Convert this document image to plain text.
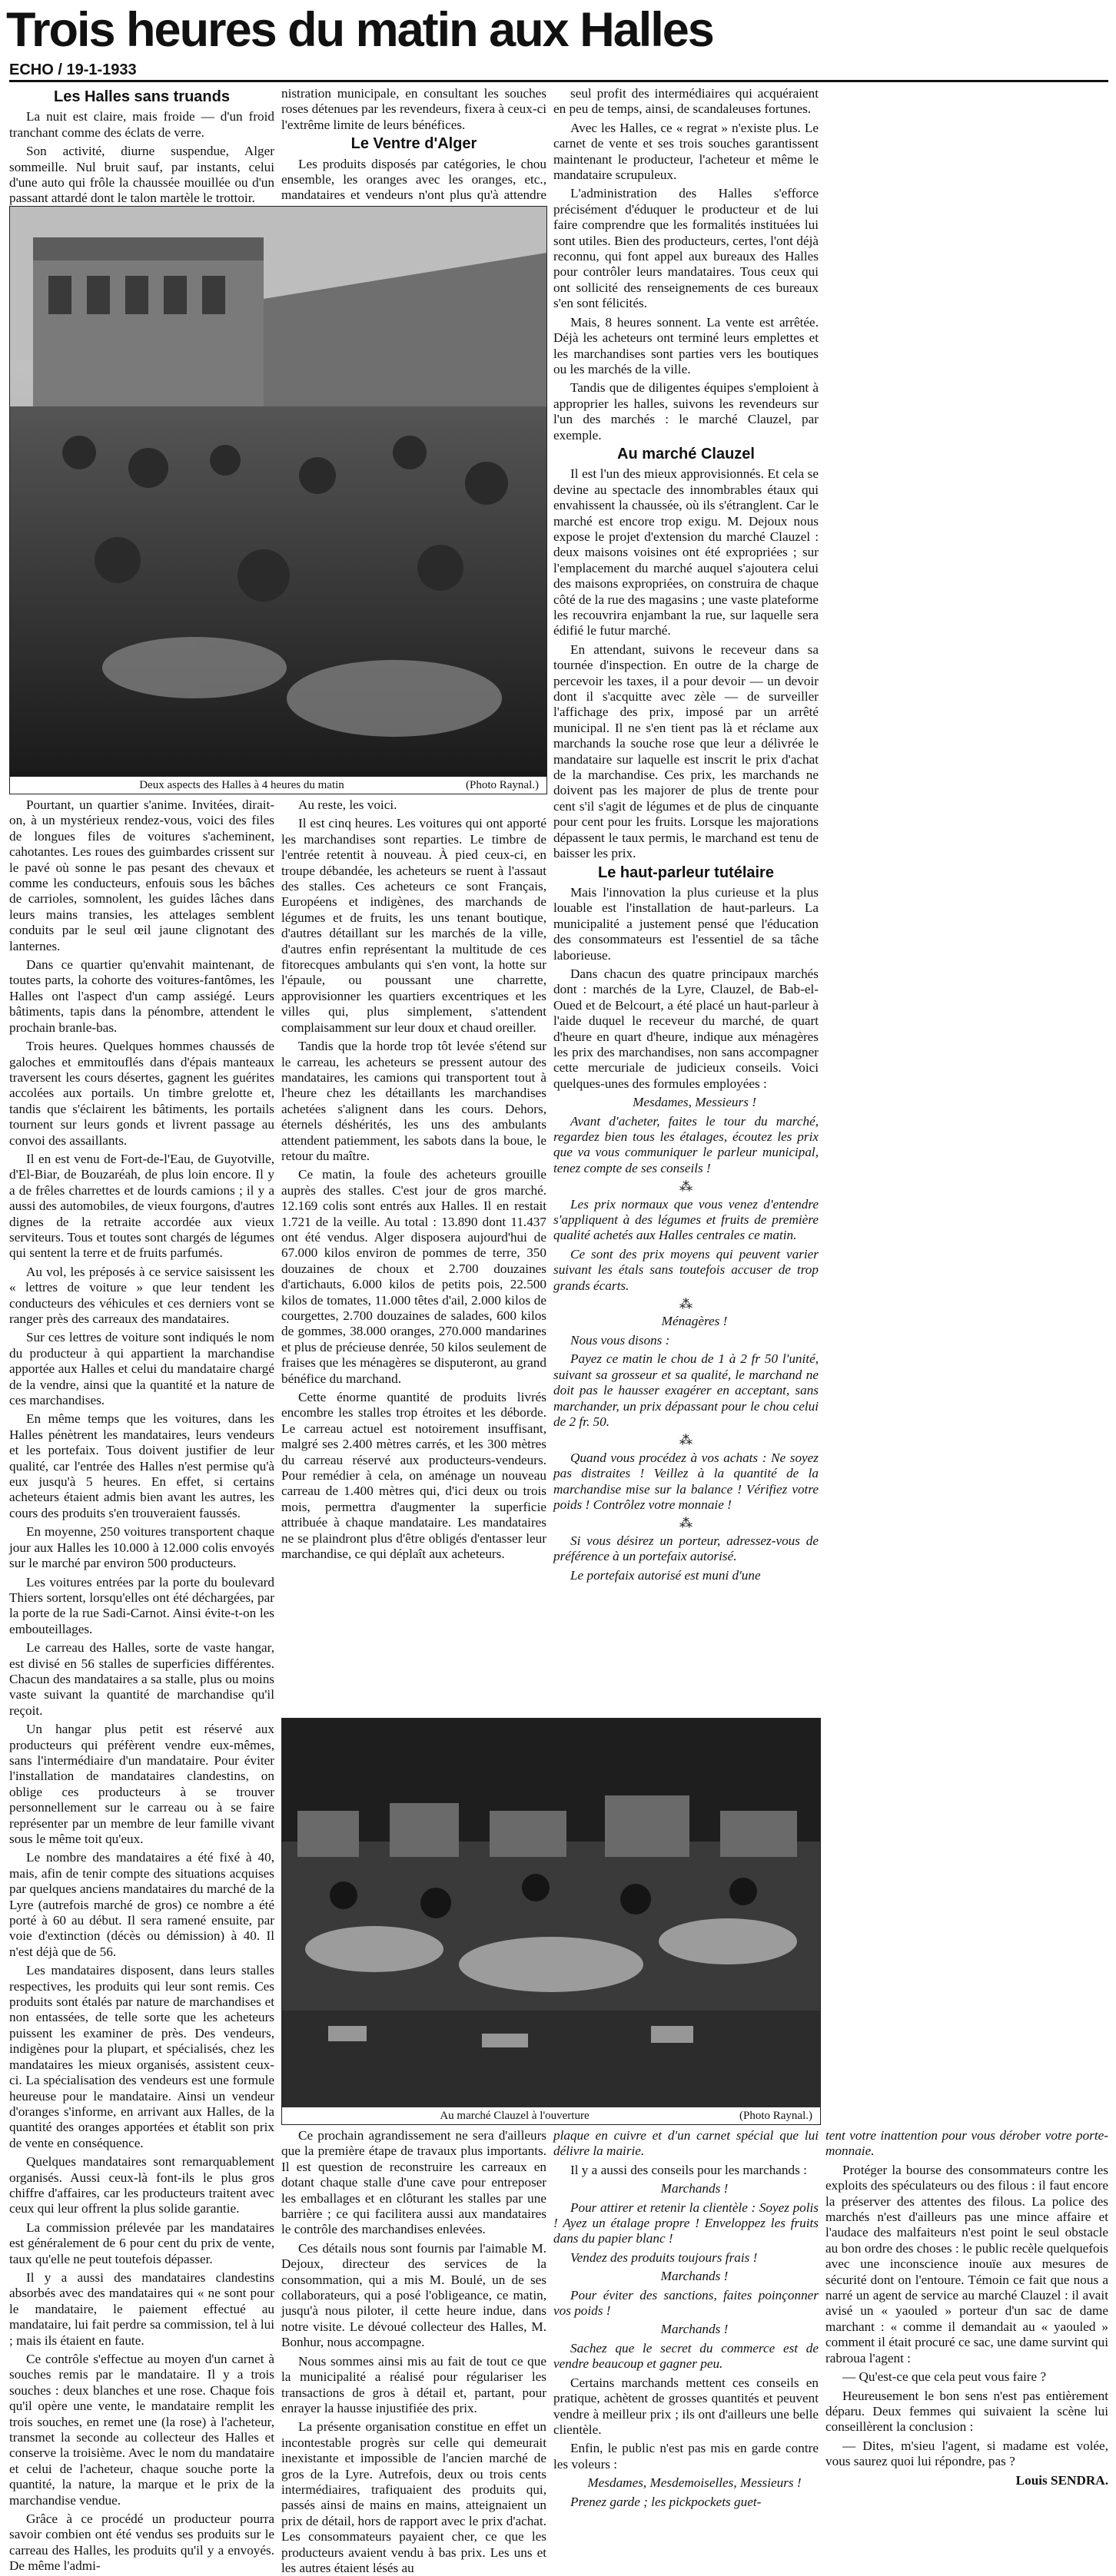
Trois heures du matin aux Halles
ECHO / 19-1-1933
Les Halles sans truands

La nuit est claire, mais froide — d'un froid tranchant comme des éclats de verre.

Son activité, diurne suspendue, Alger sommeille. Nul bruit sauf, par instants, celui d'une auto qui frôle la chaussée mouillée ou d'un passant attardé dont le talon martèle le trottoir.

nistration municipale, en consultant les souches roses détenues par les revendeurs, fixera à ceux-ci l'extrême limite de leurs bénéfices.

Le Ventre d'Alger

Les produits disposés par catégories, le chou ensemble, les oranges avec les oranges, etc., mandataires et vendeurs n'ont plus qu'à attendre

Deux aspects des Halles à 4 heures du matin	(Photo Raynal.)

Pourtant, un quartier s'anime. Invitées, dirait-on, à un mystérieux rendez-vous, voici des files de longues files de voitures s'acheminent, cahotantes. Les roues des guimbardes crissent sur le pavé où sonne le pas pesant des chevaux et comme les conducteurs, enfouis sous les bâches de carrioles, somnolent, les guides lâches dans leurs mains transies, les attelages semblent conduits par le seul œil jaune clignotant des lanternes.

Dans ce quartier qu'envahit maintenant, de toutes parts, la cohorte des voitures-fantômes, les Halles ont l'aspect d'un camp assiégé. Leurs bâtiments, tapis dans la pénombre, attendent le prochain branle-bas.

Trois heures. Quelques hommes chaussés de galoches et emmitouflés dans d'épais manteaux traversent les cours désertes, gagnent les guérites accolées aux portails. Un timbre grelotte et, tandis que s'éclairent les bâtiments, les portails tournent sur leurs gonds et livrent passage au convoi des assaillants.

Il en est venu de Fort-de-l'Eau, de Guyotville, d'El-Biar, de Bouzaréah, de plus loin encore. Il y a de frêles charrettes et de lourds camions ; il y a aussi des automobiles, de vieux fourgons, d'autres dignes de la retraite accordée aux vieux serviteurs. Tous et toutes sont chargés de légumes qui sentent la terre et de fruits parfumés.

Au vol, les préposés à ce service saisissent les « lettres de voiture » que leur tendent les conducteurs des véhicules et ces derniers vont se ranger près des carreaux des mandataires.

Sur ces lettres de voiture sont indiqués le nom du producteur à qui appartient la marchandise apportée aux Halles et celui du mandataire chargé de la vendre, ainsi que la quantité et la nature de ces marchandises.

En même temps que les voitures, dans les Halles pénètrent les mandataires, leurs vendeurs et les portefaix. Tous doivent justifier de leur qualité, car l'entrée des Halles n'est permise qu'à eux jusqu'à 5 heures. En effet, si certains acheteurs étaient admis bien avant les autres, les cours des produits s'en trouveraient faussés.

En moyenne, 250 voitures transportent chaque jour aux Halles les 10.000 à 12.000 colis envoyés sur le marché par environ 500 producteurs.

Les voitures entrées par la porte du boulevard Thiers sortent, lorsqu'elles ont été déchargées, par la porte de la rue Sadi-Carnot. Ainsi évite-t-on les embouteillages.

Le carreau des Halles, sorte de vaste hangar, est divisé en 56 stalles de superficies différentes. Chacun des mandataires a sa stalle, plus ou moins vaste suivant la quantité de marchandise qu'il reçoit.

Un hangar plus petit est réservé aux producteurs qui préfèrent vendre eux-mêmes, sans l'intermédiaire d'un mandataire. Pour éviter l'installation de mandataires clandestins, on oblige ces producteurs à se trouver personnellement sur le carreau ou à se faire représenter par un membre de leur famille vivant sous le même toit qu'eux.

Le nombre des mandataires a été fixé à 40, mais, afin de tenir compte des situations acquises par quelques anciens mandataires du marché de la Lyre (autrefois marché de gros) ce nombre a été porté à 60 au début. Il sera ramené ensuite, par voie d'extinction (décès ou démission) à 40. Il n'est déjà que de 56.

Les mandataires disposent, dans leurs stalles respectives, les produits qui leur sont remis. Ces produits sont étalés par nature de marchandises et non entassées, de telle sorte que les acheteurs puissent les examiner de près. Des vendeurs, indigènes pour la plupart, et spécialisés, chez les mandataires les mieux organisés, assistent ceux-ci. La spécialisation des vendeurs est une formule heureuse pour le mandataire. Ainsi un vendeur d'oranges s'informe, en arrivant aux Halles, de la quantité des oranges apportées et établit son prix de vente en conséquence.

Quelques mandataires sont remarquablement organisés. Aussi ceux-là font-ils le plus gros chiffre d'affaires, car les producteurs traitent avec ceux qui leur offrent la plus solide garantie.

La commission prélevée par les mandataires est généralement de 6 pour cent du prix de vente, taux qu'elle ne peut toutefois dépasser.

Il y a aussi des mandataires clandestins absorbés avec des mandataires qui « ne sont pour le mandataire, le paiement effectué au mandataire, lui fait perdre sa commission, tel à lui ; mais ils étaient en faute.

Ce contrôle s'effectue au moyen d'un carnet à souches remis par le mandataire. Il y a trois souches : deux blanches et une rose. Chaque fois qu'il opère une vente, le mandataire remplit les trois souches, en remet une (la rose) à l'acheteur, transmet la seconde au collecteur des Halles et conserve la troisième. Avec le nom du mandataire et celui de l'acheteur, chaque souche porte la quantité, la nature, la marque et le prix de la marchandise vendue.

Grâce à ce procédé un producteur pourra savoir combien ont été vendus ses produits sur le carreau des Halles, les produits qu'il y a envoyés. De même l'admi-

Au reste, les voici.

Il est cinq heures. Les voitures qui ont apporté les marchandises sont reparties. Le timbre de l'entrée retentit à nouveau. À pied ceux-ci, en troupe débandée, les acheteurs se ruent à l'assaut des stalles. Ces acheteurs ce sont Français, Européens et indigènes, des marchands de légumes et de fruits, les uns tenant boutique, d'autres détaillant sur les marchés de la ville, d'autres enfin représentant la multitude de ces fitorecques ambulants qui s'en vont, la hotte sur l'épaule, ou poussant une charrette, approvisionner les quartiers excentriques et les villes qui, plus simplement, s'attendent complaisamment sur leur doux et chaud oreiller.

Tandis que la horde trop tôt levée s'étend sur le carreau, les acheteurs se pressent autour des mandataires, les camions qui transportent tout à l'heure chez les détaillants les marchandises achetées s'alignent dans les cours. Dehors, éternels déshérités, les uns des ambulants attendent patiemment, les sabots dans la boue, le retour du maître.

Ce matin, la foule des acheteurs grouille auprès des stalles. C'est jour de gros marché. 12.169 colis sont entrés aux Halles. Il en restait 1.721 de la veille. Au total : 13.890 dont 11.437 ont été vendus. Alger disposera aujourd'hui de 67.000 kilos environ de pommes de terre, 350 douzaines de choux et 2.700 douzaines d'artichauts, 6.000 kilos de petits pois, 22.500 kilos de tomates, 11.000 têtes d'ail, 2.000 kilos de courgettes, 2.700 douzaines de salades, 600 kilos de gommes, 38.000 oranges, 270.000 mandarines et plus de précieuse denrée, 50 kilos seulement de fraises que les ménagères se disputeront, au grand bénéfice du marchand.

Cette énorme quantité de produits livrés encombre les stalles trop étroites et les déborde. Le carreau actuel est notoirement insuffisant, malgré ses 2.400 mètres carrés, et les 300 mètres du carreau réservé aux producteurs-vendeurs. Pour remédier à cela, on aménage un nouveau carreau de 1.400 mètres qui, d'ici deux ou trois mois, permettra d'augmenter la superficie attribuée à chaque mandataire. Les mandataires ne se plaindront plus d'être obligés d'entasser leur marchandise, ce qui déplaît aux acheteurs.

seul profit des intermédiaires qui acquéraient en peu de temps, ainsi, de scandaleuses fortunes.

Avec les Halles, ce « regrat » n'existe plus. Le carnet de vente et ses trois souches garantissent maintenant le producteur, l'acheteur et même le mandataire scrupuleux.

L'administration des Halles s'efforce précisément d'éduquer le producteur et de lui faire comprendre que les formalités instituées lui sont utiles. Bien des producteurs, certes, l'ont déjà reconnu, qui font appel aux bureaux des Halles pour contrôler leurs mandataires. Tous ceux qui ont sollicité des renseignements de ces bureaux s'en sont félicités.

Mais, 8 heures sonnent. La vente est arrêtée. Déjà les acheteurs ont terminé leurs emplettes et les marchandises sont parties vers les boutiques ou les marchés de la ville.

Tandis que de diligentes équipes s'emploient à approprier les halles, suivons les revendeurs sur l'un des marchés : le marché Clauzel, par exemple.

Au marché Clauzel

Il est l'un des mieux approvisionnés. Et cela se devine au spectacle des innombrables étaux qui envahissent la chaussée, où ils s'étranglent. Car le marché est encore trop exigu. M. Dejoux nous expose le projet d'extension du marché Clauzel : deux maisons voisines ont été expropriées ; sur l'emplacement du marché auquel s'ajoutera celui des maisons expropriées, on construira de chaque côté de la rue des magasins ; une vaste plateforme les recouvrira enjambant la rue, sur laquelle sera édifié le futur marché.

En attendant, suivons le receveur dans sa tournée d'inspection. En outre de la charge de percevoir les taxes, il a pour devoir — un devoir dont il s'acquitte avec zèle — de surveiller l'affichage des prix, imposé par un arrêté municipal. Il ne s'en tient pas là et réclame aux marchands la souche rose que leur a délivrée le mandataire sur laquelle est inscrit le prix d'achat de la marchandise. Ces prix, les marchands ne doivent pas les majorer de plus de trente pour cent s'il s'agit de légumes et de plus de cinquante pour cent pour les fruits. Lorsque les majorations dépassent le taux permis, le marchand est tenu de baisser les prix.

Le haut-parleur tutélaire

Mais l'innovation la plus curieuse et la plus louable est l'installation de haut-parleurs. La municipalité a justement pensé que l'éducation des consommateurs est l'essentiel de sa tâche laborieuse.

Dans chacun des quatre principaux marchés dont : marchés de la Lyre, Clauzel, de Bab-el-Oued et de Belcourt, a été placé un haut-parleur à l'aide duquel le receveur du marché, de quart d'heure en quart d'heure, indique aux ménagères les prix des marchandises, non sans accompagner cette mercuriale de judicieux conseils. Voici quelques-unes des formules employées :

Mesdames, Messieurs !

Avant d'acheter, faites le tour du marché, regardez bien tous les étalages, écoutez les prix que va vous communiquer le parleur municipal, tenez compte de ses conseils !

⁂

Les prix normaux que vous venez d'entendre s'appliquent à des légumes et fruits de première qualité achetés aux Halles centrales ce matin.

Ce sont des prix moyens qui peuvent varier suivant les étals sans toutefois accuser de trop grands écarts.

⁂

Ménagères !

Nous vous disons :

Payez ce matin le chou de 1 à 2 fr 50 l'unité, suivant sa grosseur et sa qualité, le marchand ne doit pas le hausser exagérer en acceptant, sans marchander, un prix dépassant pour le chou celui de 2 fr. 50.

⁂

Quand vous procédez à vos achats : Ne soyez pas distraites ! Veillez à la quantité de la marchandise mise sur la balance ! Vérifiez votre poids ! Contrôlez votre monnaie !

⁂

Si vous désirez un porteur, adressez-vous de préférence à un portefaix autorisé.

Le portefaix autorisé est muni d'une

Au marché Clauzel à l'ouverture	(Photo Raynal.)

Ce prochain agrandissement ne sera d'ailleurs que la première étape de travaux plus importants. Il est question de reconstruire les carreaux en dotant chaque stalle d'une cave pour entreposer les emballages et en clôturant les stalles par une barrière ; ce qui facilitera aussi aux mandataires le contrôle des marchandises enlevées.

Ces détails nous sont fournis par l'aimable M. Dejoux, directeur des services de la consommation, qui a mis M. Boulé, un de ses collaborateurs, qui a posé l'obligeance, ce matin, jusqu'à nous piloter, il cette heure indue, dans notre visite. Le dévoué collecteur des Halles, M. Bonhur, nous accompagne.

Nous sommes ainsi mis au fait de tout ce que la municipalité a réalisé pour régulariser les transactions de gros à détail et, partant, pour enrayer la hausse injustifiée des prix.

La présente organisation constitue en effet un incontestable progrès sur celle qui demeurait inexistante et impossible de l'ancien marché de gros de la Lyre. Autrefois, deux ou trois cents intermédiaires, trafiquaient des produits qui, passés ainsi de mains en mains, atteignaient un prix de détail, hors de rapport avec le prix d'achat. Les consommateurs payaient cher, ce que les producteurs avaient vendu à bas prix. Les uns et les autres étaient lésés au

plaque en cuivre et d'un carnet spécial que lui délivre la mairie.

Il y a aussi des conseils pour les marchands :

Marchands !

Pour attirer et retenir la clientèle : Soyez polis ! Ayez un étalage propre ! Enveloppez les fruits dans du papier blanc !

Vendez des produits toujours frais !

Marchands !

Pour éviter des sanctions, faites poinçonner vos poids !

Marchands !

Sachez que le secret du commerce est de vendre beaucoup et gagner peu.

Certains marchands mettent ces conseils en pratique, achètent de grosses quantités et peuvent vendre à meilleur prix ; ils ont d'ailleurs une belle clientèle.

Enfin, le public n'est pas mis en garde contre les voleurs :

Mesdames, Mesdemoiselles, Messieurs !

Prenez garde ; les pickpockets guet-

tent votre inattention pour vous dérober votre porte-monnaie.

Protéger la bourse des consommateurs contre les exploits des spéculateurs ou des filous : il faut encore la préserver des attentes des filous. La police des marchés n'est d'ailleurs pas une mince affaire et l'audace des malfaiteurs n'est point le seul obstacle au bon ordre des choses : le public recèle quelquefois avec une inconscience inouïe aux mesures de sécurité dont on l'entoure. Témoin ce fait que nous a narré un agent de service au marché Clauzel : il avait avisé un « yaouled » porteur d'un sac de dame marchant : « comme il demandait au « yaouled » comment il était procuré ce sac, une dame survint qui rabroua l'agent :

— Qu'est-ce que cela peut vous faire ?

Heureusement le bon sens n'est pas entièrement déparu. Deux femmes qui suivaient la scène lui conseillèrent la conclusion :

— Dites, m'sieu l'agent, si madame est volée, vous saurez quoi lui répondre, pas ?

Louis SENDRA.
